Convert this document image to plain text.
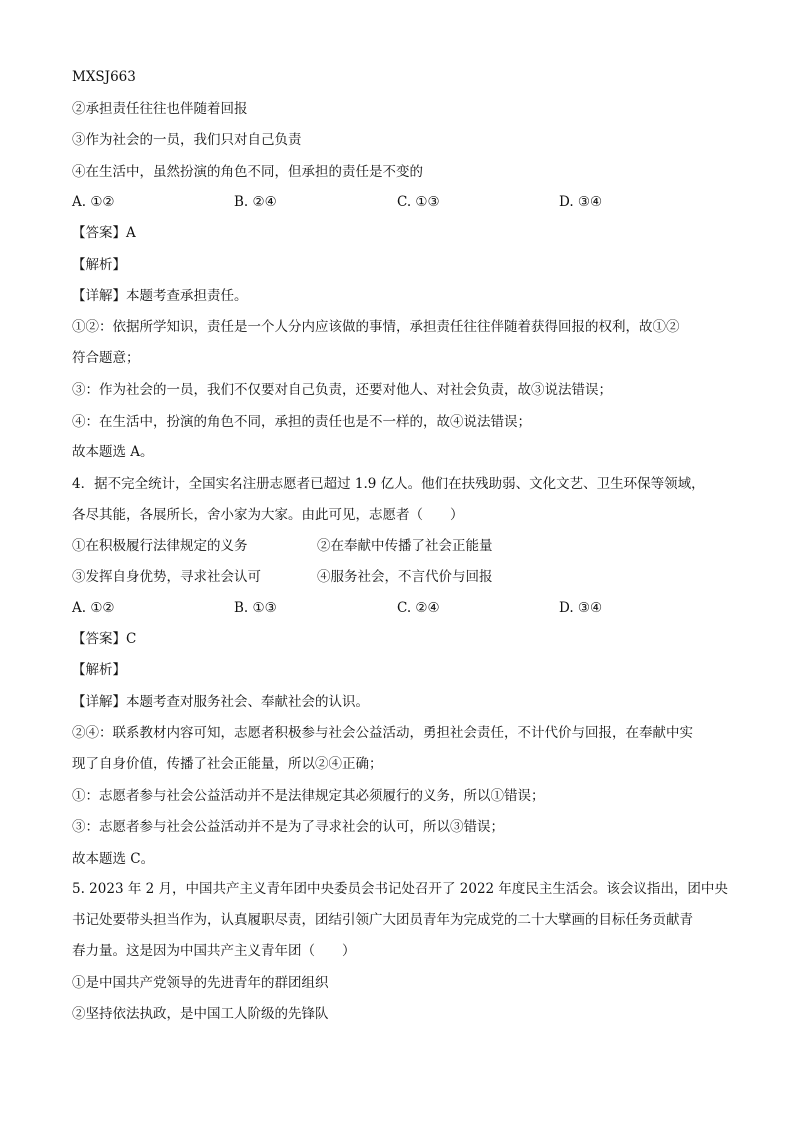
MXSJ663
②承担责任往往也伴随着回报
③作为社会的一员，我们只对自己负责
④在生活中，虽然扮演的角色不同，但承担的责任是不变的
A. ①②	B. ②④	C. ①③	D. ③④
【答案】A
【解析】
【详解】本题考查承担责任。
①②：依据所学知识，责任是一个人分内应该做的事情，承担责任往往伴随着获得回报的权利，故①②
符合题意；
③：作为社会的一员，我们不仅要对自己负责，还要对他人、对社会负责，故③说法错误；
④：在生活中，扮演的角色不同，承担的责任也是不一样的，故④说法错误；
故本题选 A。
4．据不完全统计，全国实名注册志愿者已超过 1.9 亿人。他们在扶残助弱、文化文艺、卫生环保等领域，
各尽其能，各展所长，舍小家为大家。由此可见，志愿者（　　）
①在积极履行法律规定的义务	②在奉献中传播了社会正能量
③发挥自身优势，寻求社会认可	④服务社会，不言代价与回报
A. ①②	B. ①③	C. ②④	D. ③④
【答案】C
【解析】
【详解】本题考查对服务社会、奉献社会的认识。
②④：联系教材内容可知，志愿者积极参与社会公益活动，勇担社会责任，不计代价与回报，在奉献中实
现了自身价值，传播了社会正能量，所以②④正确；
①：志愿者参与社会公益活动并不是法律规定其必须履行的义务，所以①错误；
③：志愿者参与社会公益活动并不是为了寻求社会的认可，所以③错误；
故本题选 C。
5. 2023 年 2 月，中国共产主义青年团中央委员会书记处召开了 2022 年度民主生活会。该会议指出，团中央
书记处要带头担当作为，认真履职尽责，团结引领广大团员青年为完成党的二十大擘画的目标任务贡献青
春力量。这是因为中国共产主义青年团（　　）
①是中国共产党领导的先进青年的群团组织
②坚持依法执政，是中国工人阶级的先锋队
